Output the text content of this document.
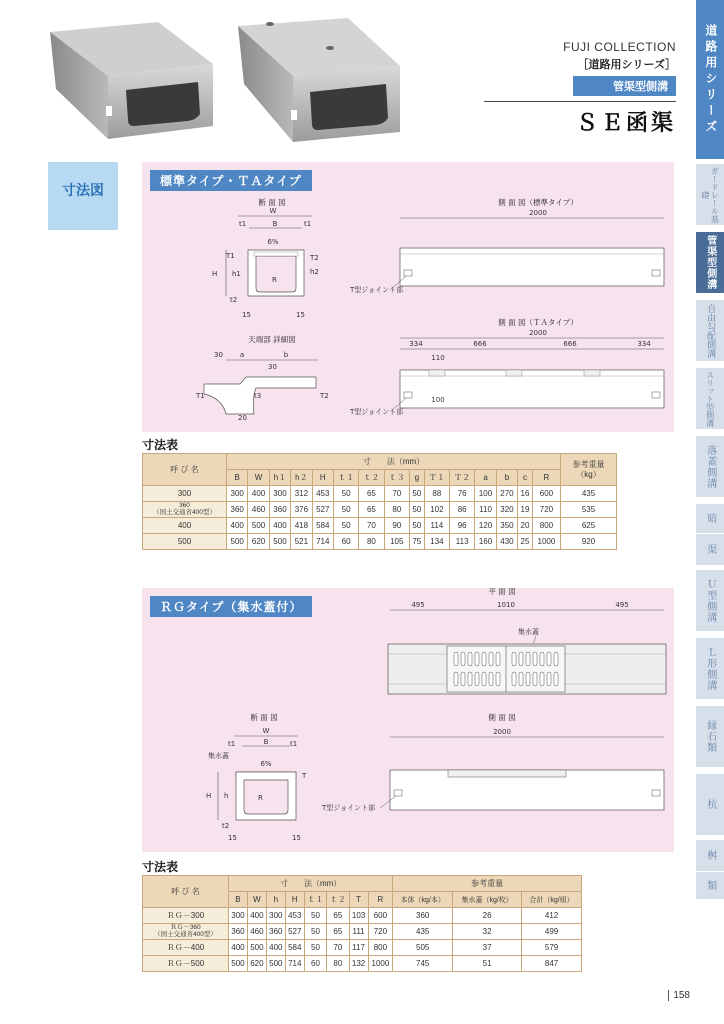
FUJI COLLECTION
［道路用シリーズ］
管渠型側溝
ＳＥ函渠	道路用シリーズ
ガードレール基礎
管渠型側溝
自由勾配側溝
スリット型側溝
落蓋側溝
暗
渠
Ｕ型側溝
Ｌ形側溝
縁石類
杭
桝
類
寸法図
断 面 図
W
B
t1	t1
6%
R
H h1	h2
T2
T1
t2
15	15
側 面 図（標準タイプ）
2000
T型ジョイント部
側 面 図（ＴＡタイプ）
2000
334	666	666	334
110
100
T型ジョイント部
天端部 詳細図
30 a	b
30
T1	T2
t3
20
標準タイプ・ＴＡタイプ
寸法表
呼 び 名	寸　　法（mm）															参考重量
（kg）
	B	W	h１	h２	H	ｔ１	ｔ２	ｔ３	g	Ｔ１	Ｔ２	a	b	c	R	

300	300	400	300	312	453	50	65	70	50	88	76	100	270	16	600	435

360
（国土交通省400型）	360	460	360	376	527	50	65	80	50	102	86	110	320	19	720	535

400	400	500	400	418	584	50	70	90	50	114	96	120	350	20	800	625

500	500	620	500	521	714	60	80	105	75	134	113	160	430	25	1000	920
平 面 図
495	1010	495
集水蓋
断 面 図
W
B
t1	t1
集水蓋
6%
R
H h
T
t2
15	15
側 面 図
2000
T型ジョイント部
ＲＧタイプ（集水蓋付）
寸法表
呼 び 名	寸　　法（mm）								参考重量		
	B	W	h	H	ｔ１	ｔ２	T	R	本体（kg/本）	集水蓋（kg/枚）	合計（kg/組）

ＲＧ－300	300	400	300	453	50	65	103	600	360	26	412

ＲＧ－360
（国土交通省400型）	360	460	360	527	50	65	111	720	435	32	499

ＲＧ－400	400	500	400	584	50	70	117	800	505	37	579

ＲＧ－500	500	620	500	714	60	80	132	1000	745	51	847
158
